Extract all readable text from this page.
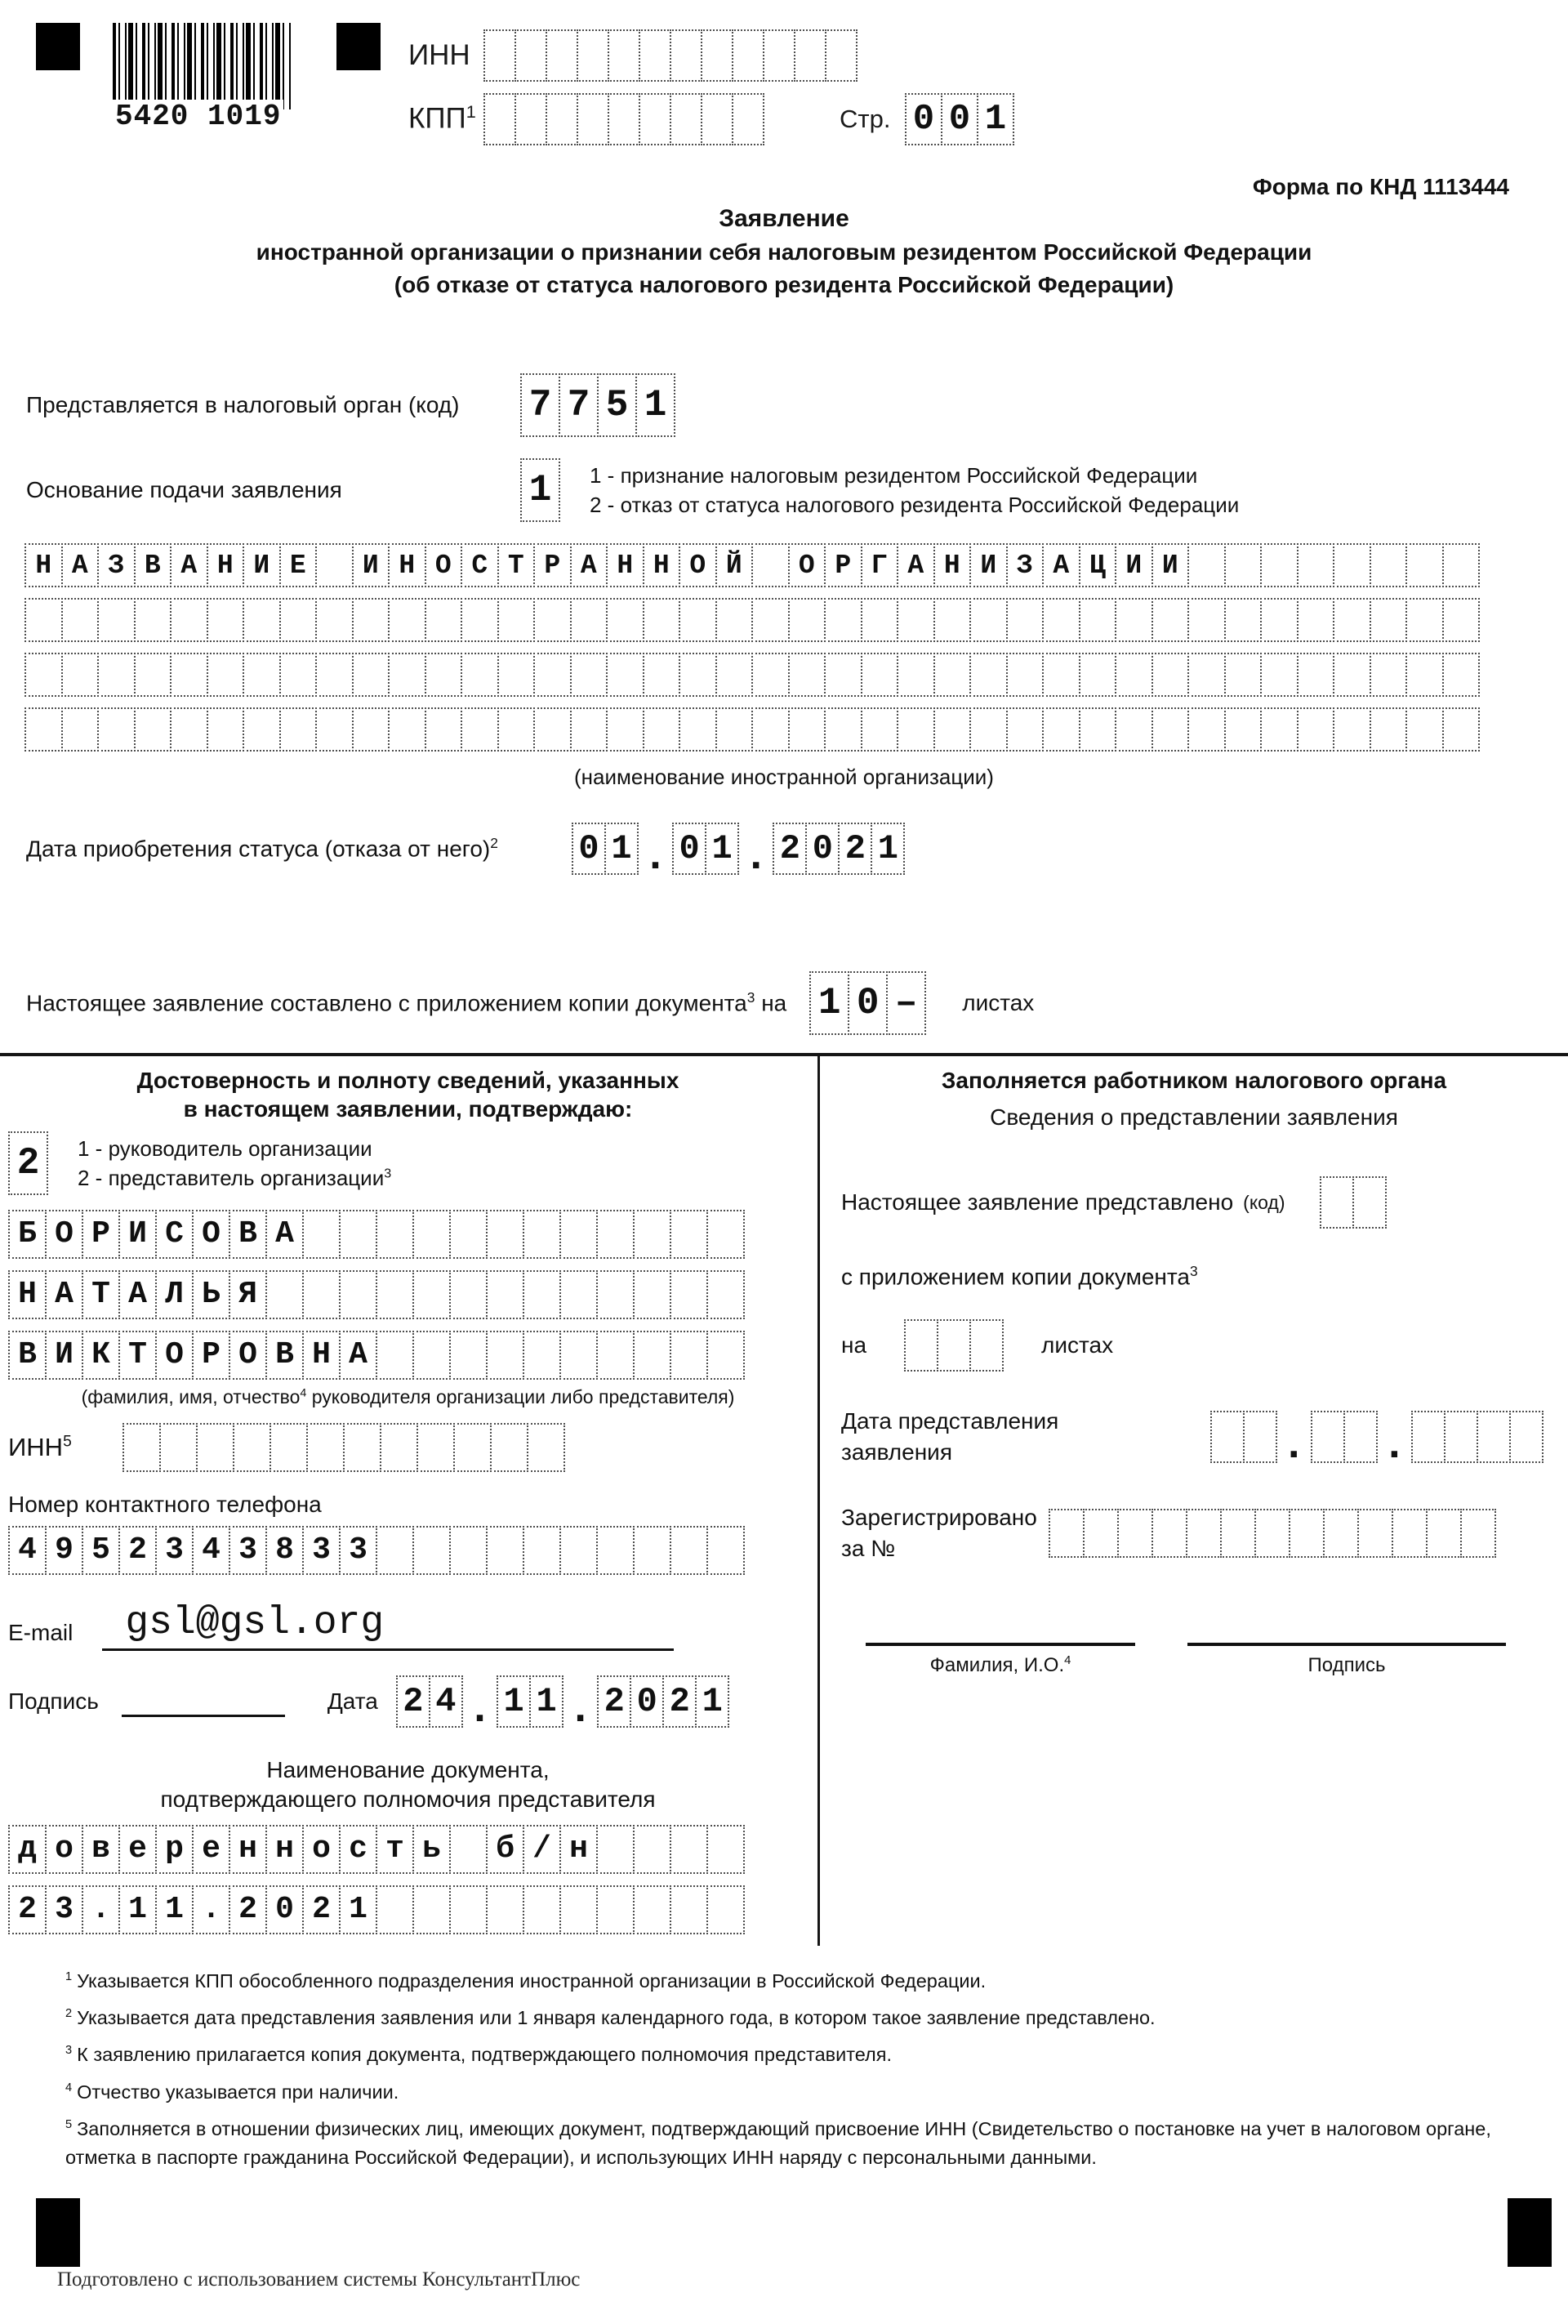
5420 1019
ИНН
КПП$^1$	Стр. 0 0 1
Форма по КНД 1113444
Заявление
иностранной организации о признании себя налоговым резидентом Российской Федерации
(об отказе от статуса налогового резидента Российской Федерации)
Представляется в налоговый орган (код)	7 7 5 1
Основание подачи заявления	1	1 - признание налоговым резидентом Российской Федерации
2 - отказ от статуса налогового резидента Российской Федерации
Н А З В А Н И Е	И Н О С Т Р А Н Н О Й	О Р Г А Н И З А Ц И И
(наименование иностранной организации)
Дата приобретения статуса (отказа от него)$^2$ 0 1 . 0 1 . 2 0 2 1
Настоящее заявление составлено с приложением копии документа$^3$ на 1 0 –	листах
Достоверность и полноту сведений, указанных
в настоящем заявлении, подтверждаю:
2	1 - руководитель организации
2 - представитель организации$^3$
Б О Р И С О В А
Н А Т А Л Ь Я
В И К Т О Р О В Н А
(фамилия, имя, отчество$^4$ руководителя организации либо представителя)
ИНН$^5$
Номер контактного телефона
4 9 5 2 3 4 3 8 3 3
E-mail	gsl@gsl.org
Подпись	Дата 2 4 . 1 1 . 2 0 2 1
Наименование документа,
подтверждающего полномочия представителя
д о в е р е н н о с т ь	б / н
2 3 . 1 1 . 2 0 2 1
Заполняется работником налогового органа
Сведения о представлении заявления
Настоящее заявление представлено (код)
с приложением копии документа$^3$
на	листах
Дата представления
заявления	. .
Зарегистрировано
за №
Фамилия, И.О.$^4$	Подпись
$^1$ Указывается КПП обособленного подразделения иностранной организации в Российской Федерации.
$^2$ Указывается дата представления заявления или 1 января календарного года, в котором такое заявление представлено.
$^3$ К заявлению прилагается копия документа, подтверждающего полномочия представителя.
$^4$ Отчество указывается при наличии.
$^5$ Заполняется в отношении физических лиц, имеющих документ, подтверждающий присвоение ИНН (Свидетельство о постановке на учет в налоговом органе, отметка в паспорте гражданина Российской Федерации), и использующих ИНН наряду с персональными данными.
Подготовлено с использованием системы КонсультантПлюс
